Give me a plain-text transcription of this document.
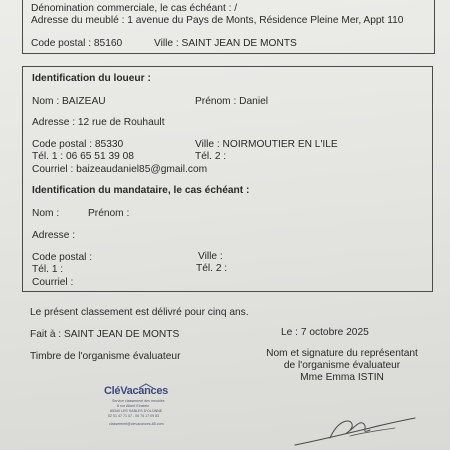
Dénomination commerciale, le cas échéant : /
Adresse du meublé : 1 avenue du Pays de Monts, Résidence Pleine Mer, Appt 110
Code postal : 85160	Ville : SAINT JEAN DE MONTS
Identification du loueur :
Nom : BAIZEAU	Prénom : Daniel
Adresse : 12 rue de Rouhault
Code postal : 85330	Ville : NOIRMOUTIER EN L'ILE
Tél. 1 : 06 65 51 39 08	Tél. 2 :
Courriel : baizeaudaniel85@gmail.com
Identification du mandataire, le cas échéant :
Nom :	Prénom :
Adresse :
Code postal :	Ville :
Tél. 1 :	Tél. 2 :
Courriel :
Le présent classement est délivré pour cinq ans.
Fait à : SAINT JEAN DE MONTS	Le : 7 octobre 2025
Timbre de l'organisme évaluateur	Nom et signature du représentant
de l'organisme évaluateur
Mme Emma ISTIN
CléVacances
Service classement des meublés
8 rue Albert Einstein
85340 LES SABLES D'OLONNE
02 51 47 71 07 - 06 75 17 09 83
classement@clevacances-85.com
